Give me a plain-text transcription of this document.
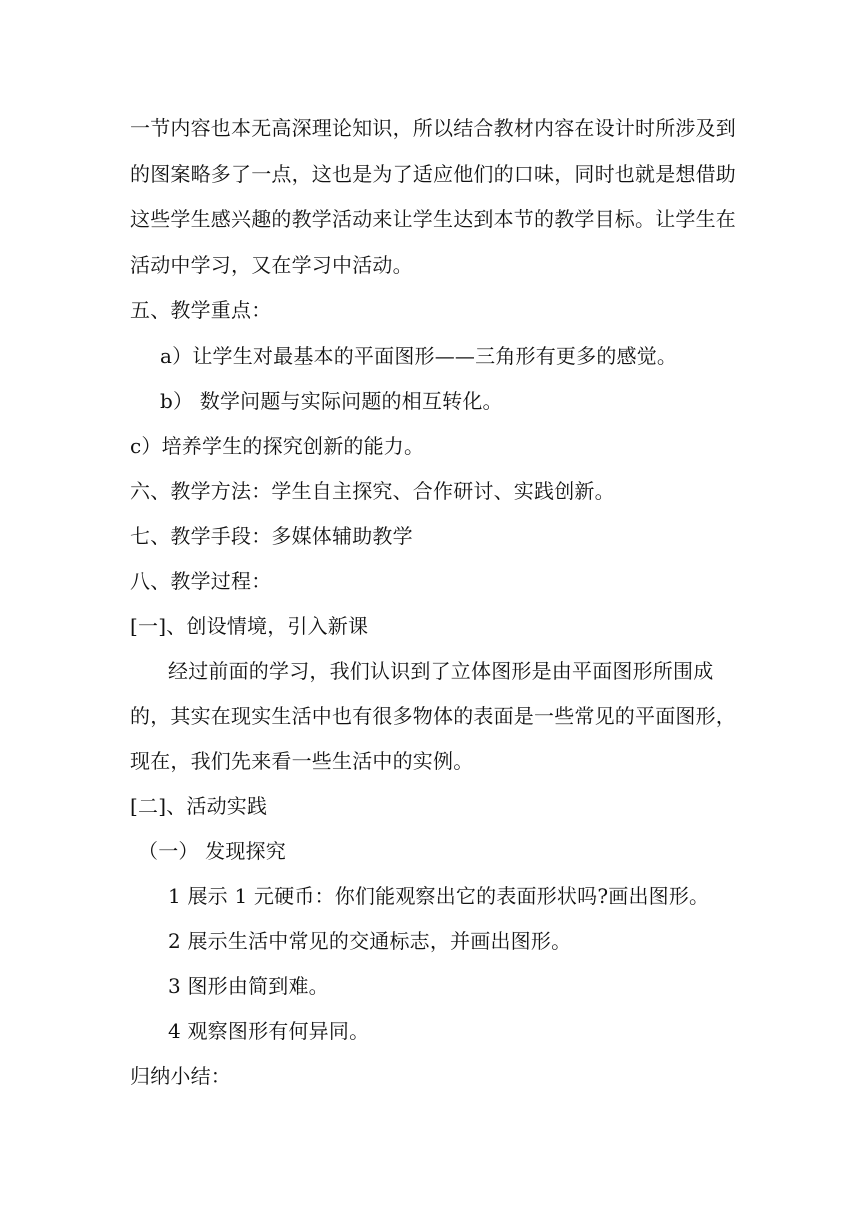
一节内容也本无高深理论知识，所以结合教材内容在设计时所涉及到
的图案略多了一点，这也是为了适应他们的口味，同时也就是想借助
这些学生感兴趣的教学活动来让学生达到本节的教学目标。让学生在
活动中学习，又在学习中活动。
五、教学重点：
a）让学生对最基本的平面图形——三角形有更多的感觉。
b） 数学问题与实际问题的相互转化。
c）培养学生的探究创新的能力。
六、教学方法：学生自主探究、合作研讨、实践创新。
七、教学手段：多媒体辅助教学
八、教学过程：
[一]、创设情境，引入新课
经过前面的学习，我们认识到了立体图形是由平面图形所围成
的，其实在现实生活中也有很多物体的表面是一些常见的平面图形，
现在，我们先来看一些生活中的实例。
[二]、活动实践
（一） 发现探究
1 展示 1 元硬币：你们能观察出它的表面形状吗?画出图形。
2 展示生活中常见的交通标志，并画出图形。
3 图形由简到难。
4 观察图形有何异同。
归纳小结：
